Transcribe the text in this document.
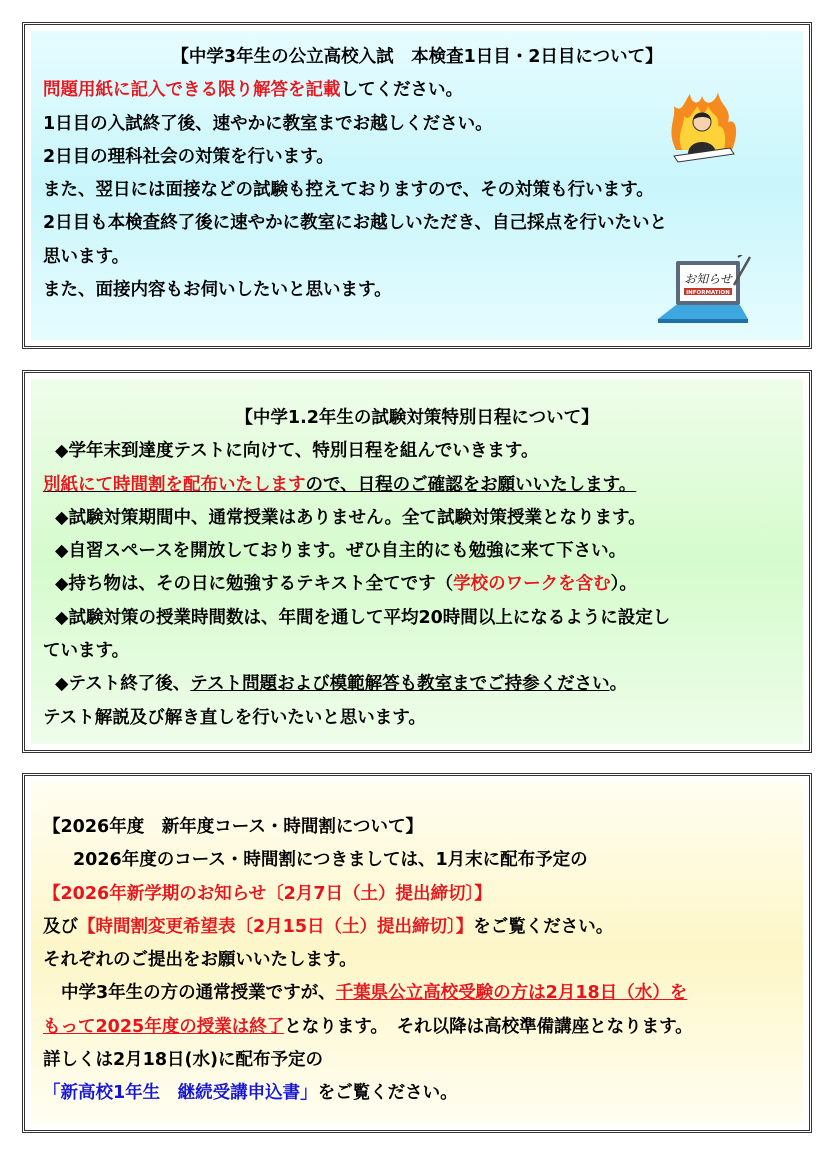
【中学3年生の公立高校入試　本検査1日目・2日目について】

問題用紙に記入できる限り解答を記載してください。

1日目の入試終了後、速やかに教室までお越しください。

2日目の理科社会の対策を行います。

また、翌日には面接などの試験も控えておりますので、その対策も行います。

2日目も本検査終了後に速やかに教室にお越しいただき、自己採点を行いたいと

思います。

また、面接内容もお伺いしたいと思います。

お知らせ
INFORMATION

【中学1.2年生の試験対策特別日程について】

◆学年末到達度テストに向けて、特別日程を組んでいきます。

別紙にて時間割を配布いたしますので、日程のご確認をお願いいたします。

◆試験対策期間中、通常授業はありません。全て試験対策授業となります。

◆自習スペースを開放しております。ぜひ自主的にも勉強に来て下さい。

◆持ち物は、その日に勉強するテキスト全てです（学校のワークを含む）。

◆試験対策の授業時間数は、年間を通して平均20時間以上になるように設定し

ています。

◆テスト終了後、テスト問題および模範解答も教室までご持参ください。

テスト解説及び解き直しを行いたいと思います。

【2026年度　新年度コース・時間割について】

2026年度のコース・時間割につきましては、1月末に配布予定の

【2026年新学期のお知らせ〔2月7日（土）提出締切〕】

及び【時間割変更希望表〔2月15日（土）提出締切〕】をご覧ください。

それぞれのご提出をお願いいたします。

中学3年生の方の通常授業ですが、千葉県公立高校受験の方は2月18日（水）を

もって2025年度の授業は終了となります。　それ以降は高校準備講座となります。

詳しくは2月18日(水)に配布予定の

「新高校1年生　継続受講申込書」をご覧ください。
